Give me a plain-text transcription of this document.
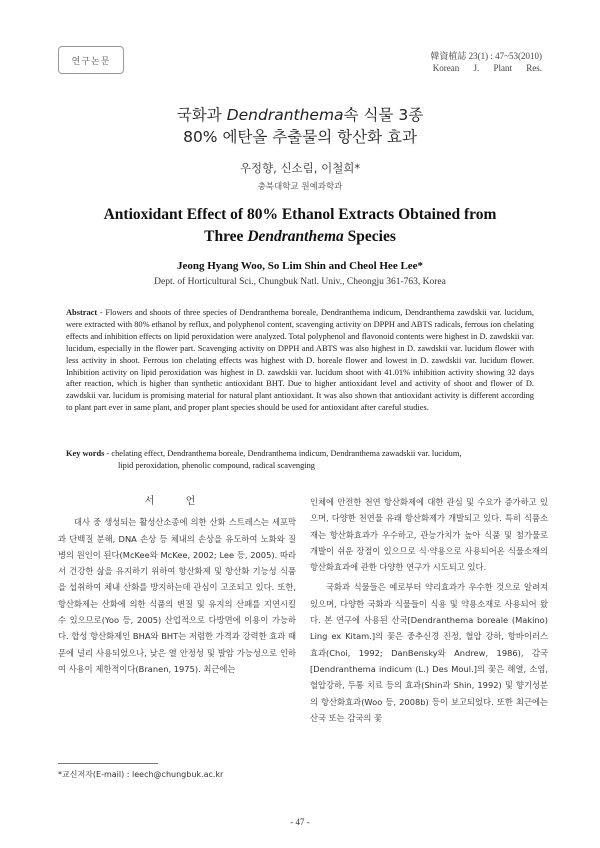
연구논문
韓資植誌 23(1) : 47~53(2010)
Korean J. Plant Res.
국화과 Dendranthema속 식물 3종
80% 에탄올 추출물의 항산화 효과
우정향, 신소림, 이철희*
충북대학교 원예과학과
Antioxidant Effect of 80% Ethanol Extracts Obtained from
Three Dendranthema Species
Jeong Hyang Woo, So Lim Shin and Cheol Hee Lee*
Dept. of Horticultural Sci., Chungbuk Natl. Univ., Cheongju 361-763, Korea
Abstract - Flowers and shoots of three species of Dendranthema boreale, Dendranthema indicum, Dendranthema zawdskii var. lucidum, were extracted with 80% ethanol by reflux, and polyphenol content, scavenging activity on DPPH and ABTS radicals, ferrous ion chelating effects and inhibition effects on lipid peroxidation were analyzed. Total polyphenol and flavonoid contents were highest in D. zawdskii var. lucidum, especially in the flower part. Scavenging activity on DPPH and ABTS was also highest in D. zawdskii var. lucidum flower with less activity in shoot. Ferrous ion chelating effects was highest with D. boreale flower and lowest in D. zawdskii var. lucidum flower. Inhibition activity on lipid peroxidation was highest in D. zawdskii var. lucidum shoot with 41.01% inhibition activity showing 32 days after reaction, which is higher than synthetic antioxidant BHT. Due to higher antioxidant level and activity of shoot and flower of D. zawdskii var. lucidum is promising material for natural plant antioxidant. It was also shown that antioxidant activity is different according to plant part ever in same plant, and proper plant species should be used for antioxidant after careful studies.
Key words - chelating effect, Dendranthema boreale, Dendranthema indicum, Dendranthema zawadskii var. lucidum,
lipid peroxidation, phenolic compound, radical scavenging
서 언
대사 중 생성되는 활성산소종에 의한 산화 스트레스는 세포막과 단백질 분해, DNA 손상 등 체내의 손상을 유도하여 노화와 질병의 원인이 된다(McKee와 McKee, 2002; Lee 등, 2005). 따라서 건강한 삶을 유지하기 위하여 항산화제 및 항산화 기능성 식품을 섭취하여 체내 산화를 방지하는데 관심이 고조되고 있다. 또한, 항산화제는 산화에 의한 식품의 변질 및 유지의 산패를 지연시킬 수 있으므로(Yoo 등, 2005) 산업적으로 다방면에 이용이 가능하다. 합성 항산화제인 BHA와 BHT는 저렴한 가격과 강력한 효과 때문에 널리 사용되었으나, 낮은 열 안정성 및 발암 가능성으로 인하여 사용이 제한적이다(Branen, 1975). 최근에는
인체에 안전한 천연 항산화제에 대한 관심 및 수요가 증가하고 있으며, 다양한 천연물 유래 항산화제가 개발되고 있다. 특히 식품소재는 항산화효과가 우수하고, 관능가치가 높아 식품 및 첨가물로 개발이 쉬운 장점이 있으므로 식·약용으로 사용되어온 식물소재의 항산화효과에 관한 다양한 연구가 시도되고 있다.
국화과 식물들은 예로부터 약리효과가 우수한 것으로 알려져 있으며, 다양한 국화과 식물들이 식용 및 약용소재로 사용되어 왔다. 본 연구에 사용된 산국[Dendranthema boreale (Makino) Ling ex Kitam.]의 꽃은 중추신경 진정, 혈압 강하, 항바이러스 효과(Choi, 1992; DanBensky와 Andrew, 1986), 감국[Dendranthema indicum (L.) Des Moul.]의 꽃은 해열, 소염, 혈압강하, 두통 치료 등의 효과(Shin과 Shin, 1992) 및 향기성분의 항산화효과(Woo 등, 2008b) 등이 보고되었다. 또한 최근에는 산국 또는 감국의 꽃
*교신저자(E-mail) : leech@chungbuk.ac.kr
- 47 -
